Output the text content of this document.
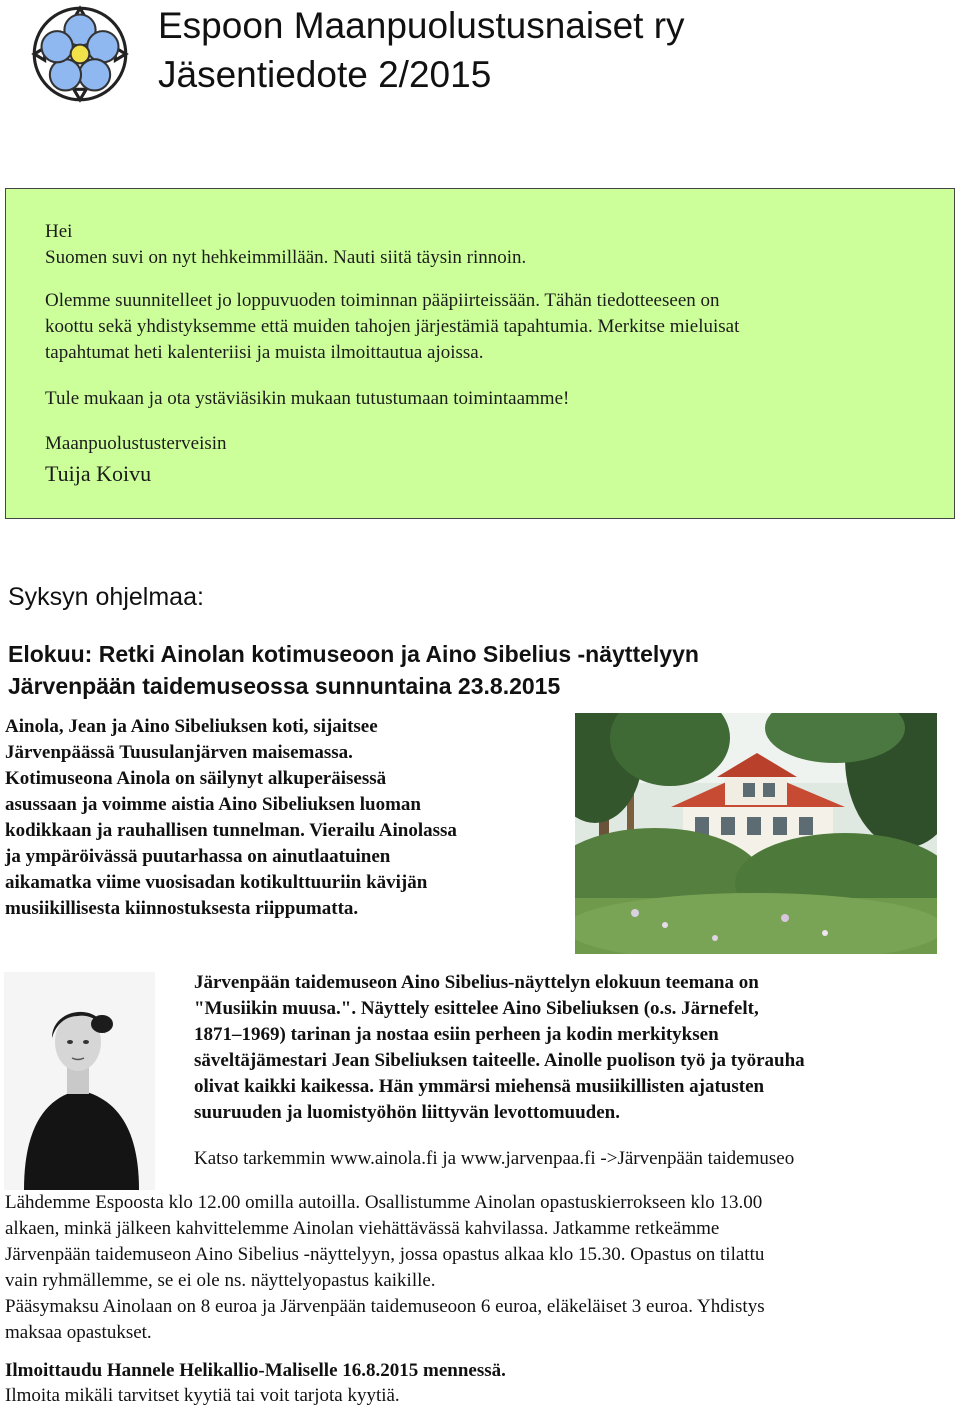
Espoon Maanpuolustusnaiset ry
Jäsentiedote 2/2015
Hei
Suomen suvi on nyt hehkeimmillään. Nauti siitä täysin rinnoin.
Olemme suunnitelleet jo loppuvuoden toiminnan pääpiirteissään. Tähän tiedotteeseen on
koottu sekä yhdistyksemme että muiden tahojen järjestämiä tapahtumia. Merkitse mieluisat
tapahtumat heti kalenteriisi ja muista ilmoittautua ajoissa.
Tule mukaan ja ota ystäviäsikin mukaan tutustumaan toimintaamme!
Maanpuolustusterveisin
Tuija Koivu
Syksyn ohjelmaa:
Elokuu: Retki Ainolan kotimuseoon ja Aino Sibelius -näyttelyyn
Järvenpään taidemuseossa sunnuntaina 23.8.2015
Ainola, Jean ja Aino Sibeliuksen koti, sijaitsee
Järvenpäässä Tuusulanjärven maisemassa.
Kotimuseona Ainola on säilynyt alkuperäisessä
asussaan ja voimme aistia Aino Sibeliuksen luoman
kodikkaan ja rauhallisen tunnelman. Vierailu Ainolassa
ja ympäröivässä puutarhassa on ainutlaatuinen
aikamatka viime vuosisadan kotikulttuuriin kävijän
musiikillisesta kiinnostuksesta riippumatta.
Järvenpään taidemuseon Aino Sibelius-näyttelyn elokuun teemana on
"Musiikin muusa.". Näyttely esittelee Aino Sibeliuksen (o.s. Järnefelt,
1871–1969) tarinan ja nostaa esiin perheen ja kodin merkityksen
säveltäjämestari Jean Sibeliuksen taiteelle. Ainolle puolison työ ja työrauha
olivat kaikki kaikessa. Hän ymmärsi miehensä musiikillisten ajatusten
suuruuden ja luomistyöhön liittyvän levottomuuden.
Katso tarkemmin www.ainola.fi ja www.jarvenpaa.fi ->Järvenpään taidemuseo
Lähdemme Espoosta klo 12.00 omilla autoilla. Osallistumme Ainolan opastuskierrokseen klo 13.00
alkaen, minkä jälkeen kahvittelemme Ainolan viehättävässä kahvilassa. Jatkamme retkeämme
Järvenpään taidemuseon Aino Sibelius -näyttelyyn, jossa opastus alkaa klo 15.30. Opastus on tilattu
vain ryhmällemme, se ei ole ns. näyttelyopastus kaikille.
Pääsymaksu Ainolaan on 8 euroa ja Järvenpään taidemuseoon 6 euroa, eläkeläiset 3 euroa. Yhdistys
maksaa opastukset.
Ilmoittaudu Hannele Helikallio-Maliselle 16.8.2015 mennessä.
Ilmoita mikäli tarvitset kyytiä tai voit tarjota kyytiä.
